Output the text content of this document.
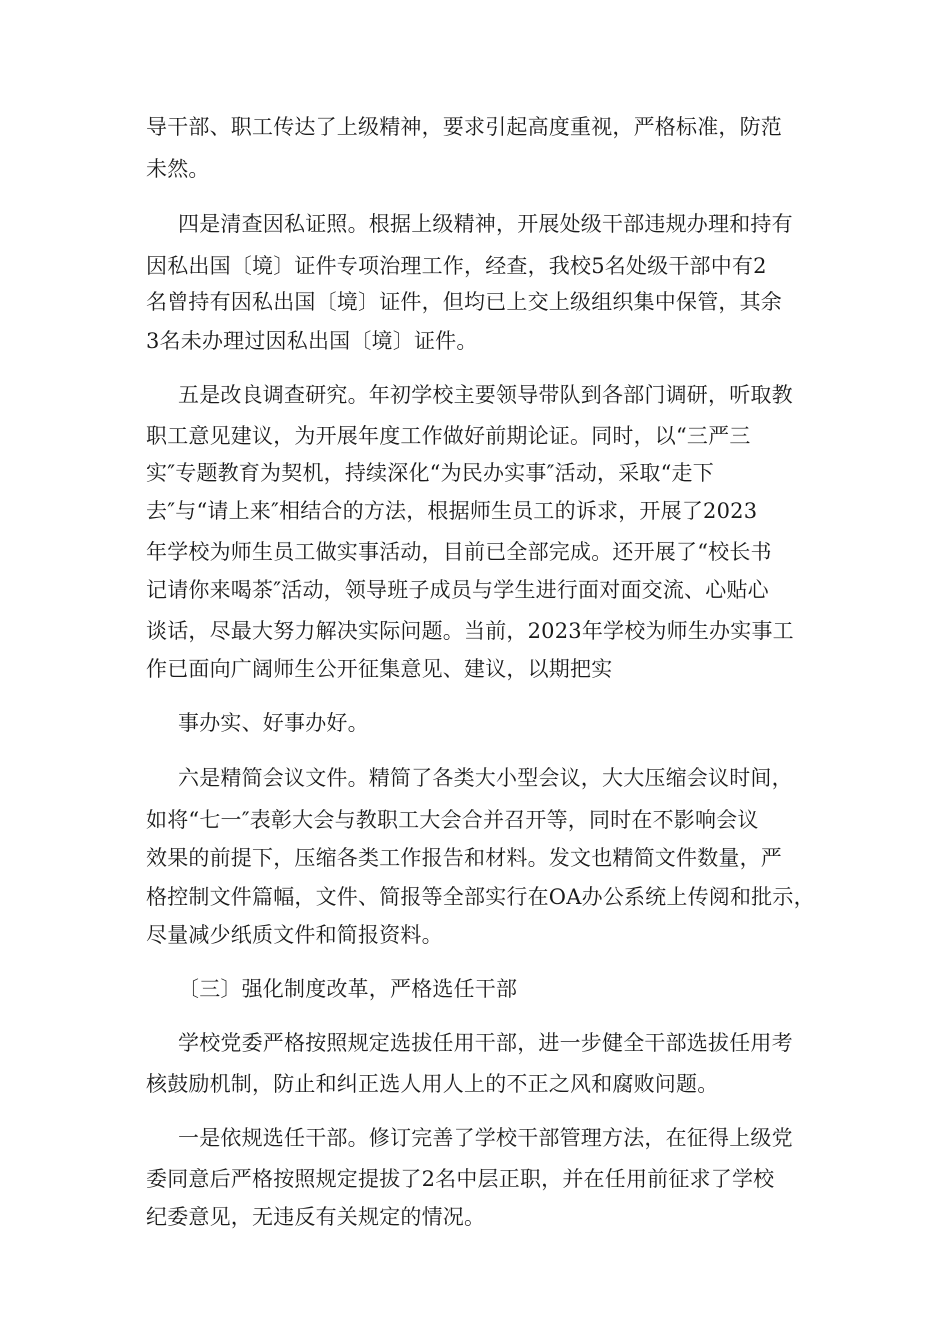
导干部、职工传达了上级精神，要求引起高度重视，严格标准，防范
未然。
四是清查因私证照。根据上级精神，开展处级干部违规办理和持有
因私出国〔境〕证件专项治理工作，经查，我校5名处级干部中有2
名曾持有因私出国〔境〕证件，但均已上交上级组织集中保管，其余
3名未办理过因私出国〔境〕证件。
五是改良调查研究。年初学校主要领导带队到各部门调研，听取教
职工意见建议，为开展年度工作做好前期论证。同时，以“三严三
实″专题教育为契机，持续深化“为民办实事″活动，采取“走下
去″与“请上来″相结合的方法，根据师生员工的诉求，开展了2023
年学校为师生员工做实事活动，目前已全部完成。还开展了“校长书
记请你来喝茶″活动，领导班子成员与学生进行面对面交流、心贴心
谈话，尽最大努力解决实际问题。当前，2023年学校为师生办实事工
作已面向广阔师生公开征集意见、建议，以期把实
事办实、好事办好。
六是精简会议文件。精简了各类大小型会议，大大压缩会议时间，
如将“七一″表彰大会与教职工大会合并召开等，同时在不影响会议
效果的前提下，压缩各类工作报告和材料。发文也精简文件数量，严
格控制文件篇幅，文件、简报等全部实行在OA办公系统上传阅和批示，
尽量减少纸质文件和简报资料。
〔三〕强化制度改革，严格选任干部
学校党委严格按照规定选拔任用干部，进一步健全干部选拔任用考
核鼓励机制，防止和纠正选人用人上的不正之风和腐败问题。
一是依规选任干部。修订完善了学校干部管理方法，在征得上级党
委同意后严格按照规定提拔了2名中层正职，并在任用前征求了学校
纪委意见，无违反有关规定的情况。
